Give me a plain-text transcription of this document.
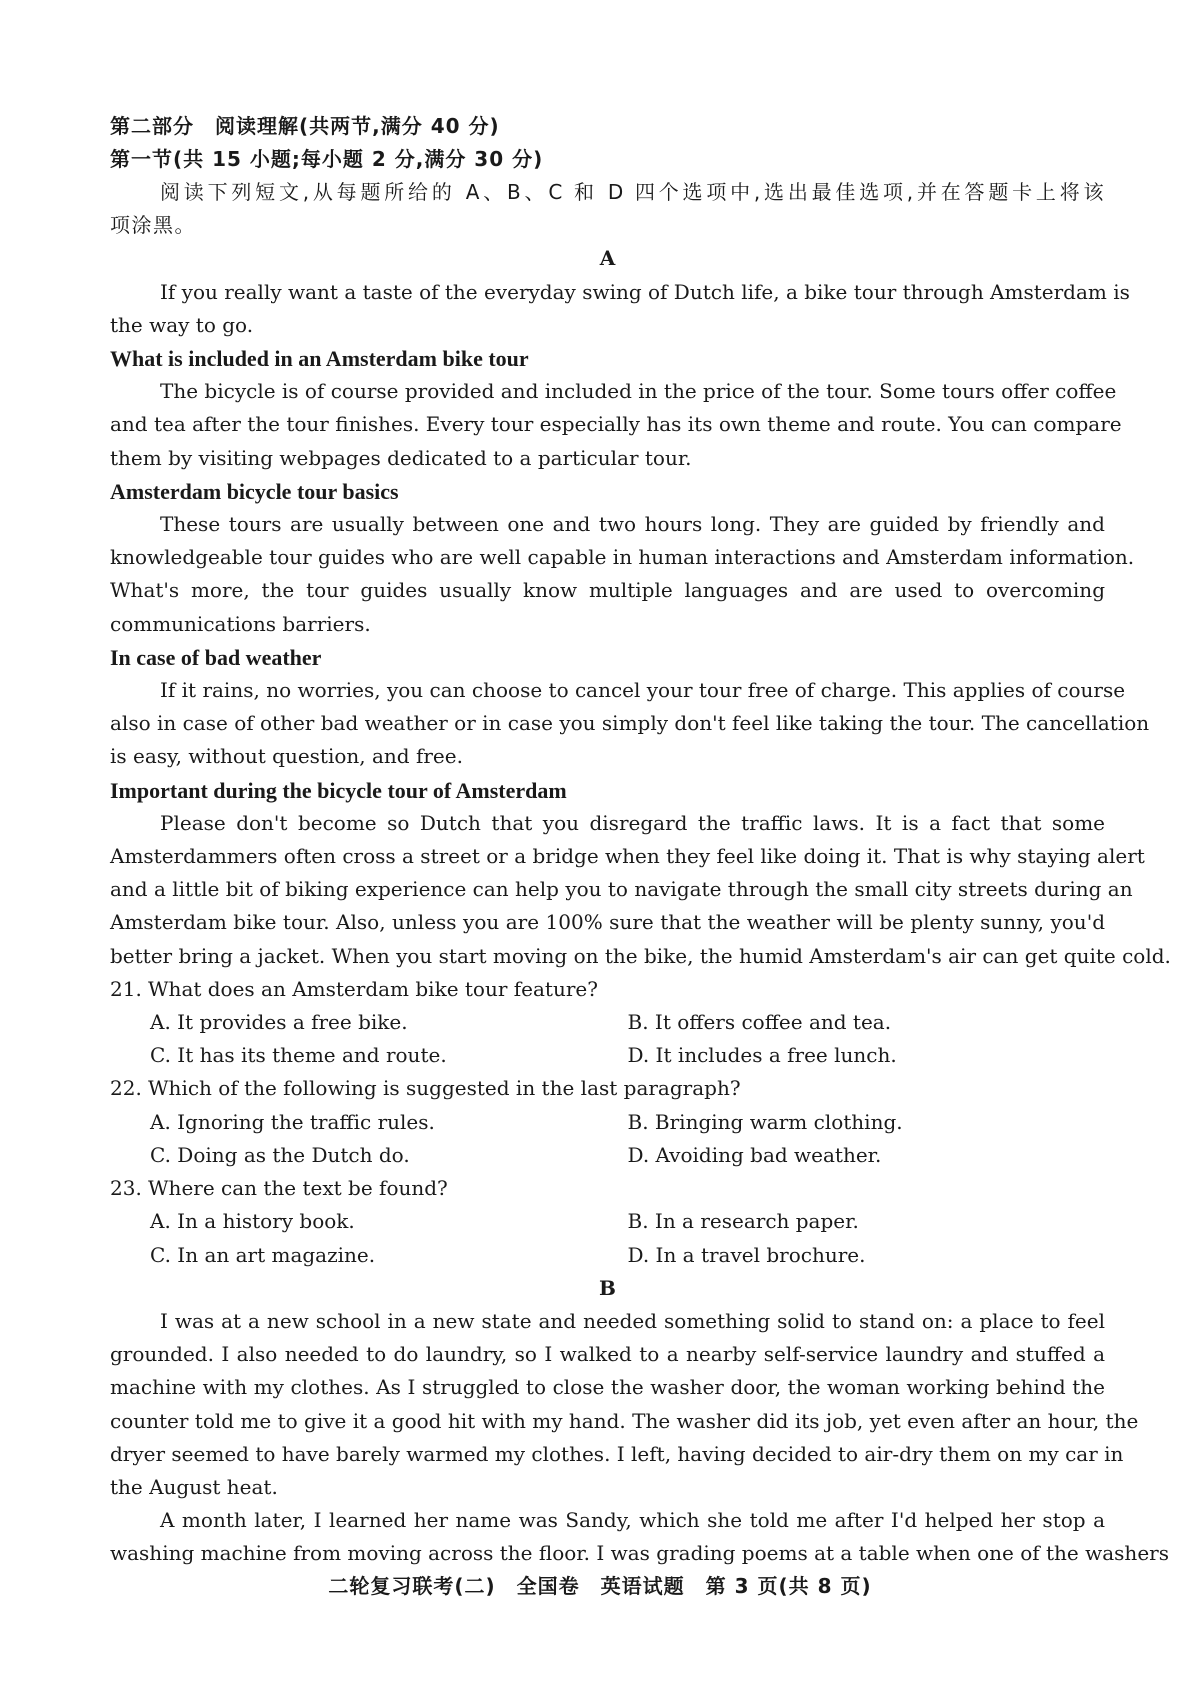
第二部分　阅读理解(共两节,满分 40 分)
第一节(共 15 小题;每小题 2 分,满分 30 分)
阅读下列短文,从每题所给的 A、B、C 和 D 四个选项中,选出最佳选项,并在答题卡上将该
项涂黑。
A
If you really want a taste of the everyday swing of Dutch life, a bike tour through Amsterdam is
the way to go.
What is included in an Amsterdam bike tour
The bicycle is of course provided and included in the price of the tour. Some tours offer coffee
and tea after the tour finishes. Every tour especially has its own theme and route. You can compare
them by visiting webpages dedicated to a particular tour.
Amsterdam bicycle tour basics
These tours are usually between one and two hours long. They are guided by friendly and
knowledgeable tour guides who are well capable in human interactions and Amsterdam information.
What's more, the tour guides usually know multiple languages and are used to overcoming
communications barriers.
In case of bad weather
If it rains, no worries, you can choose to cancel your tour free of charge. This applies of course
also in case of other bad weather or in case you simply don't feel like taking the tour. The cancellation
is easy, without question, and free.
Important during the bicycle tour of Amsterdam
Please don't become so Dutch that you disregard the traffic laws. It is a fact that some
Amsterdammers often cross a street or a bridge when they feel like doing it. That is why staying alert
and a little bit of biking experience can help you to navigate through the small city streets during an
Amsterdam bike tour. Also, unless you are 100% sure that the weather will be plenty sunny, you'd
better bring a jacket. When you start moving on the bike, the humid Amsterdam's air can get quite cold.
21. What does an Amsterdam bike tour feature?
A. It provides a free bike.	B. It offers coffee and tea.
C. It has its theme and route.	D. It includes a free lunch.
22. Which of the following is suggested in the last paragraph?
A. Ignoring the traffic rules.	B. Bringing warm clothing.
C. Doing as the Dutch do.	D. Avoiding bad weather.
23. Where can the text be found?
A. In a history book.	B. In a research paper.
C. In an art magazine.	D. In a travel brochure.
B
I was at a new school in a new state and needed something solid to stand on: a place to feel
grounded. I also needed to do laundry, so I walked to a nearby self-service laundry and stuffed a
machine with my clothes. As I struggled to close the washer door, the woman working behind the
counter told me to give it a good hit with my hand. The washer did its job, yet even after an hour, the
dryer seemed to have barely warmed my clothes. I left, having decided to air-dry them on my car in
the August heat.
A month later, I learned her name was Sandy, which she told me after I'd helped her stop a
washing machine from moving across the floor. I was grading poems at a table when one of the washers
二轮复习联考(二)　全国卷　英语试题　第 3 页(共 8 页)
